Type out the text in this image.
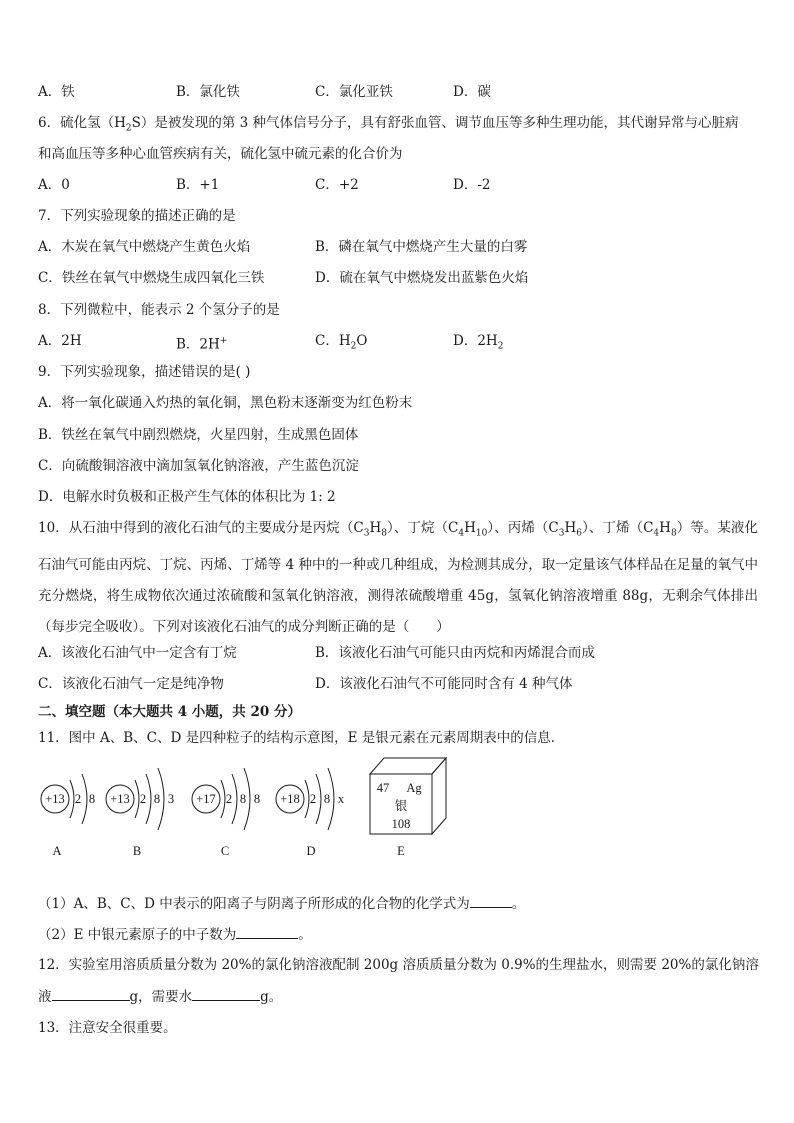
A．铁	B．氯化铁	C．氯化亚铁	D．碳
6．硫化氢$(H_2S)$是被发现的第 3 种气体信号分子，具有舒张血管、调节血压等多种生理功能，其代谢异常与心脏病
和高血压等多种心血管疾病有关，硫化氢中硫元素的化合价为
A．0	B．+1	C．+2	D．-2
7．下列实验现象的描述正确的是
A．木炭在氧气中燃烧产生黄色火焰	B．磷在氧气中燃烧产生大量的白雾
C．铁丝在氧气中燃烧生成四氧化三铁	D．硫在氧气中燃烧发出蓝紫色火焰
8．下列微粒中，能表示 2 个氢分子的是
A．2H	B．2H+	C．$H_2O$	D．$2H_2$
9．下列实验现象，描述错误的是( )
A．将一氧化碳通入灼热的氧化铜，黑色粉末逐渐变为红色粉末
B．铁丝在氧气中剧烈燃烧，火星四射，生成黑色固体
C．向硫酸铜溶液中滴加氢氧化钠溶液，产生蓝色沉淀
D．电解水时负极和正极产生气体的体积比为 1: 2
10．从石油中得到的液化石油气的主要成分是丙烷$(C_3H_8)$、丁烷$(C_4H_{10})$、丙烯$(C_3H_6)$、丁烯$(C_4H_8)$等。某液化石油气可能由丙烷、丁烷、丙烯、丁烯等 4 种中的一种或几种组成，为检测其成分，取一定量该气体样品在足量的氧气中充分燃烧，将生成物依次通过浓硫酸和氢氧化钠溶液，测得浓硫酸增重 45g，氢氧化钠溶液增重 88g，无剩余气体排出（每步完全吸收）。下列对该液化石油气的成分判断正确的是（　　）
A．该液化石油气中一定含有丁烷	B．该液化石油气可能只由丙烷和丙烯混合而成
C．该液化石油气一定是纯净物	D．该液化石油气不可能同时含有 4 种气体
二、填空题（本大题共 4 小题，共 20 分）
11．图中 A、B、C、D 是四种粒子的结构示意图，E 是银元素在元素周期表中的信息．
+13 2 8 +13 2 8 3 +17 2 8 8 +18 2 8 x
47 Ag
银
108
A	B	C	D	E
（1）A、B、C、D 中表示的阳离子与阴离子所形成的化合物的化学式为	。
（2）E 中银元素原子的中子数为	。
12．实验室用溶质质量分数为 20%的氯化钠溶液配制 200g 溶质质量分数为 0.9%的生理盐水，则需要 20%的氯化钠溶
液	g，需要水	g。
13．注意安全很重要。
